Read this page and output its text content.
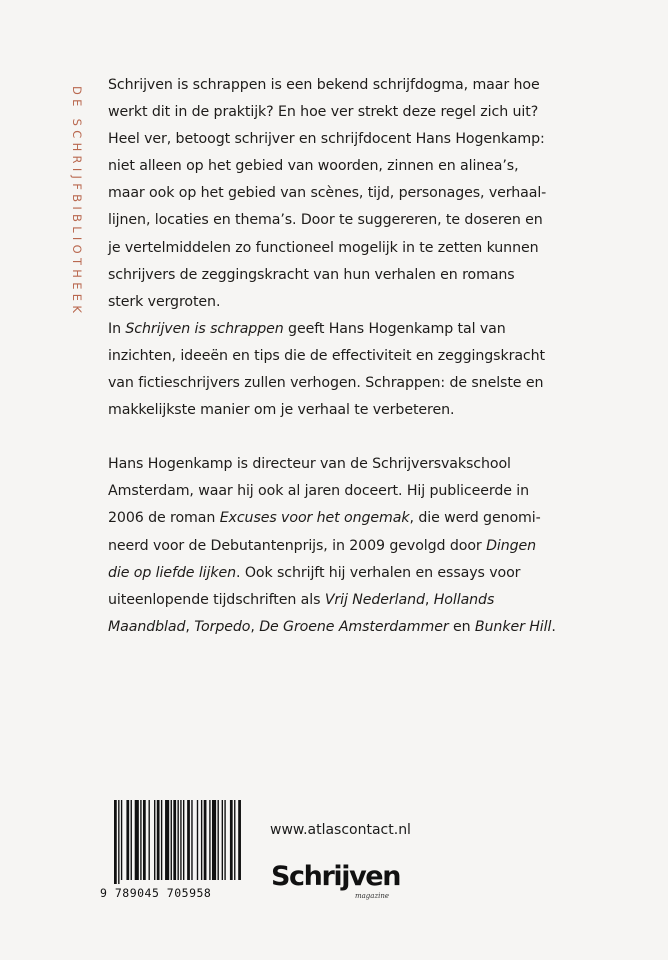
DE SCHRIJFBIBLIOTHEEK

Schrijven is schrappen is een bekend schrijfdogma, maar hoe

werkt dit in de praktijk? En hoe ver strekt deze regel zich uit?

Heel ver, betoogt schrijver en schrijfdocent Hans Hogenkamp:

niet alleen op het gebied van woorden, zinnen en alinea’s,

maar ook op het gebied van scènes, tijd, personages, verhaal-

lijnen, locaties en thema’s. Door te suggereren, te doseren en

je vertelmiddelen zo functioneel mogelijk in te zetten kunnen

schrijvers de zeggingskracht van hun verhalen en romans

sterk vergroten.

In Schrijven is schrappen geeft Hans Hogenkamp tal van

inzichten, ideeën en tips die de effectiviteit en zeggingskracht

van fictieschrijvers zullen verhogen. Schrappen: de snelste en

makkelijkste manier om je verhaal te verbeteren.

Hans Hogenkamp is directeur van de Schrijversvakschool

Amsterdam, waar hij ook al jaren doceert. Hij publiceerde in

2006 de roman Excuses voor het ongemak, die werd genomi-

neerd voor de Debutantenprijs, in 2009 gevolgd door Dingen

die op liefde lijken. Ook schrijft hij verhalen en essays voor

uiteenlopende tijdschriften als Vrij Nederland, Hollands

Maandblad, Torpedo, De Groene Amsterdammer en Bunker Hill.

9 789045 705958
www.atlascontact.nl
Schrijven
magazine
